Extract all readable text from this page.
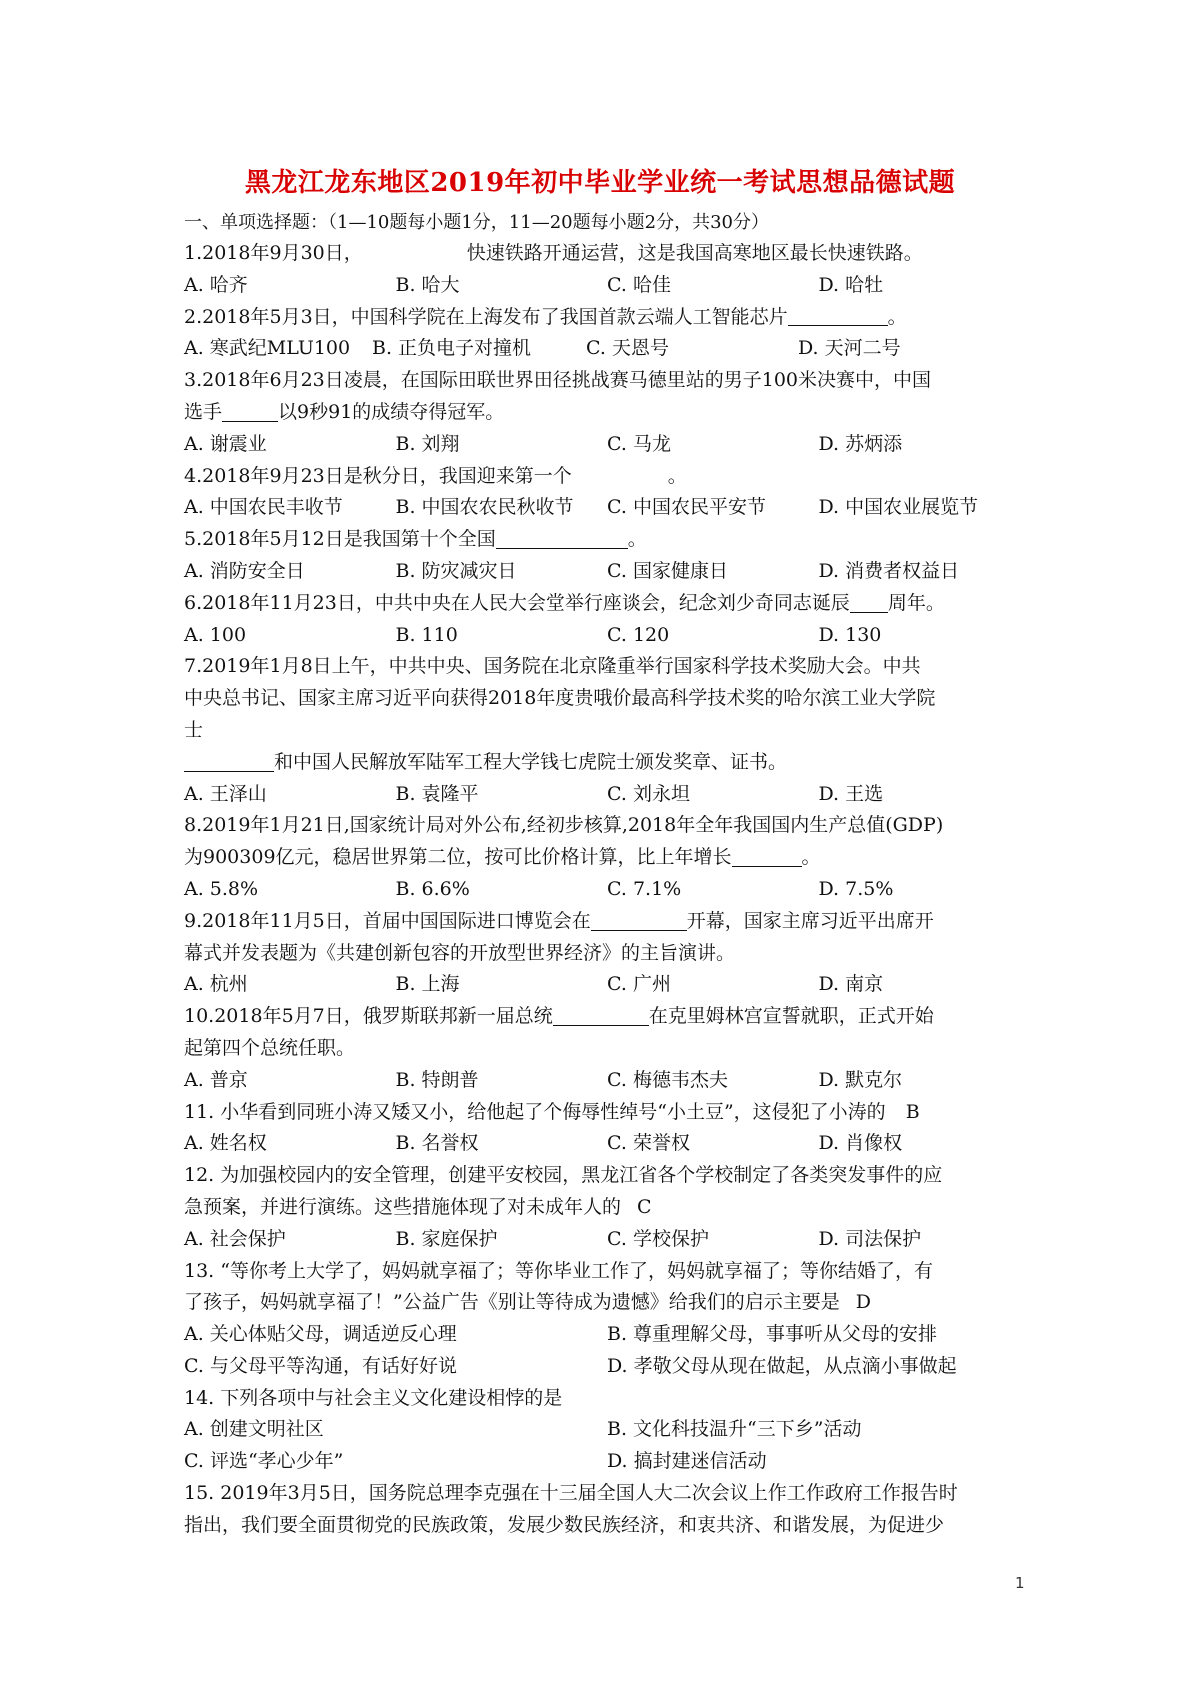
黑龙江龙东地区2019年初中毕业学业统一考试思想品德试题
一、单项选择题：（1—10题每小题1分，11—20题每小题2分，共30分）
1.2018年9月30日，	快速铁路开通运营，这是我国高寒地区最长快速铁路。
A. 哈齐	B. 哈大	C. 哈佳	D. 哈牡
2.2018年5月3日，中国科学院在上海发布了我国首款云端人工智能芯片	。
A. 寒武纪MLU100	B. 正负电子对撞机	C. 天恩号	D. 天河二号
3.2018年6月23日凌晨，在国际田联世界田径挑战赛马德里站的男子100米决赛中，中国
选手	以9秒91的成绩夺得冠军。
A. 谢震业	B. 刘翔	C. 马龙	D. 苏炳添
4.2018年9月23日是秋分日，我国迎来第一个	。
A. 中国农民丰收节	B. 中国农农民秋收节	C. 中国农民平安节	D. 中国农业展览节
5.2018年5月12日是我国第十个全国	。
A. 消防安全日	B. 防灾减灾日	C. 国家健康日	D. 消费者权益日
6.2018年11月23日，中共中央在人民大会堂举行座谈会，纪念刘少奇同志诞辰 周年。
A. 100	B. 110	C. 120	D. 130
7.2019年1月8日上午，中共中央、国务院在北京隆重举行国家科学技术奖励大会。中共
中央总书记、国家主席习近平向获得2018年度贵哦价最高科学技术奖的哈尔滨工业大学院
士
和中国人民解放军陆军工程大学钱七虎院士颁发奖章、证书。
A. 王泽山	B. 袁隆平	C. 刘永坦	D. 王选
8.2019年1月21日,国家统计局对外公布,经初步核算,2018年全年我国国内生产总值(GDP)
为900309亿元，稳居世界第二位，按可比价格计算，比上年增长	。
A. 5.8%	B. 6.6%	C. 7.1%	D. 7.5%
9.2018年11月5日，首届中国国际进口博览会在	开幕，国家主席习近平出席开
幕式并发表题为《共建创新包容的开放型世界经济》的主旨演讲。
A. 杭州	B. 上海	C. 广州	D. 南京
10.2018年5月7日，俄罗斯联邦新一届总统	在克里姆林宫宣誓就职，正式开始
起第四个总统任职。
A. 普京	B. 特朗普	C. 梅德韦杰夫	D. 默克尔
11. 小华看到同班小涛又矮又小，给他起了个侮辱性绰号“小土豆”，这侵犯了小涛的 B
A. 姓名权	B. 名誉权	C. 荣誉权	D. 肖像权
12. 为加强校园内的安全管理，创建平安校园，黑龙江省各个学校制定了各类突发事件的应
急预案，并进行演练。这些措施体现了对未成年人的 C
A. 社会保护	B. 家庭保护	C. 学校保护	D. 司法保护
13. “等你考上大学了，妈妈就享福了；等你毕业工作了，妈妈就享福了；等你结婚了，有
了孩子，妈妈就享福了！”公益广告《别让等待成为遗憾》给我们的启示主要是 D
A. 关心体贴父母，调适逆反心理	B. 尊重理解父母，事事听从父母的安排
C. 与父母平等沟通，有话好好说	D. 孝敬父母从现在做起，从点滴小事做起
14. 下列各项中与社会主义文化建设相悖的是
A. 创建文明社区	B. 文化科技温升“三下乡”活动
C. 评选“孝心少年”	D. 搞封建迷信活动
15. 2019年3月5日，国务院总理李克强在十三届全国人大二次会议上作工作政府工作报告时
指出，我们要全面贯彻党的民族政策，发展少数民族经济，和衷共济、和谐发展，为促进少
1
